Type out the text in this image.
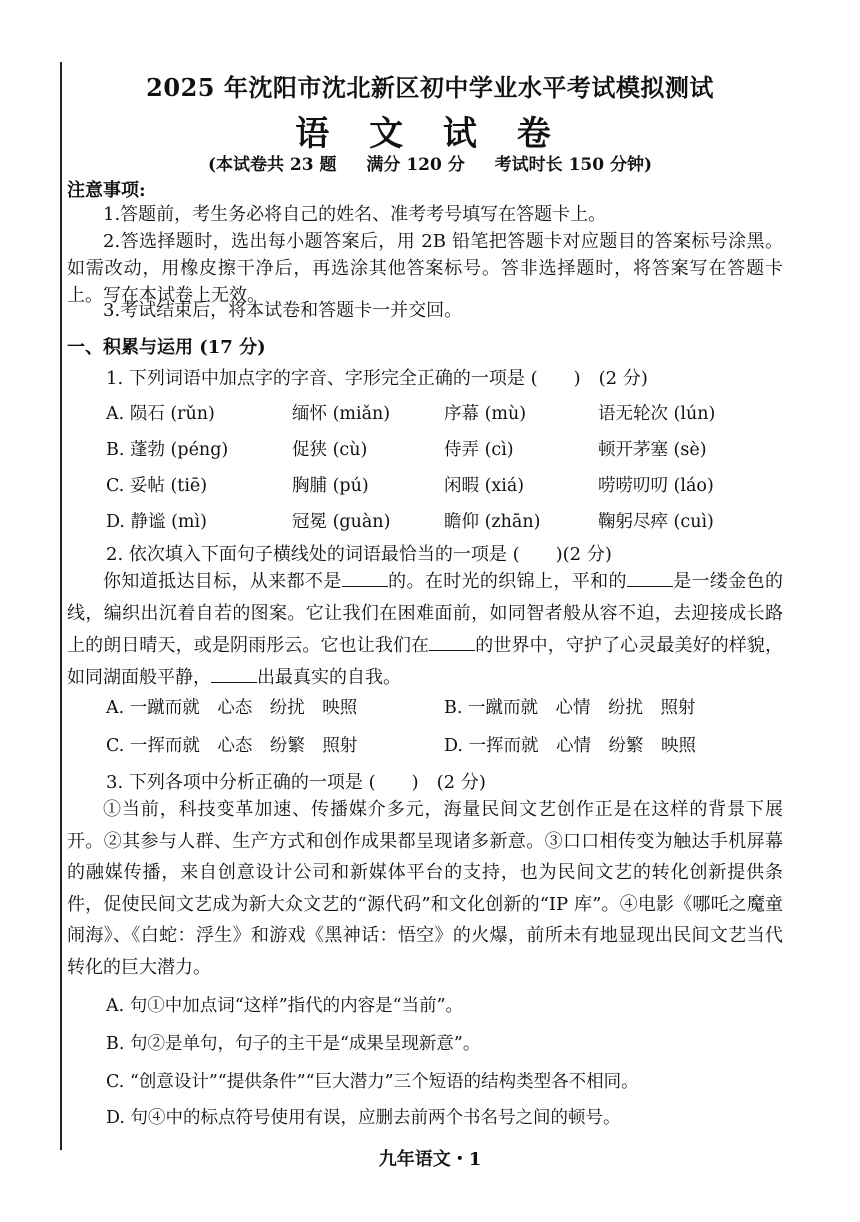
2025 年沈阳市沈北新区初中学业水平考试模拟测试
语 文 试 卷
(本试卷共 23 题 满分 120 分 考试时长 150 分钟)
注意事项:
1.答题前，考生务必将自己的姓名、准考考号填写在答题卡上。
2.答选择题时，选出每小题答案后，用 2B 铅笔把答题卡对应题目的答案标号涂黑。如需改动，用橡皮擦干净后，再选涂其他答案标号。答非选择题时，将答案写在答题卡上。写在本试卷上无效。
3.考试结束后，将本试卷和答题卡一并交回。
一、积累与运用 (17 分)
1. 下列词语中加点字的字音、字形完全正确的一项是 (　　)　(2 分)
A. 陨石 (rǔn)	缅怀 (miǎn)	序幕 (mù)	语无轮次 (lún)
B. 蓬勃 (péng)	促狭 (cù)	侍弄 (cì)	顿开茅塞 (sè)
C. 妥帖 (tiē)	胸脯 (pú)	闲暇 (xiá)	唠唠叨叨 (láo)
D. 静谧 (mì)	冠冕 (guàn)	瞻仰 (zhān)	鞠躬尽瘁 (cuì)
2. 依次填入下面句子横线处的词语最恰当的一项是 (　　)(2 分)
你知道抵达目标，从来都不是	的。在时光的织锦上，平和的	是一缕金色的线，编织出沉着自若的图案。它让我们在困难面前，如同智者般从容不迫，去迎接成长路上的朗日晴天，或是阴雨彤云。它也让我们在	的世界中，守护了心灵最美好的样貌，如同湖面般平静，	出最真实的自我。
A. 一蹴而就　心态　纷扰　映照	B. 一蹴而就　心情　纷扰　照射
C. 一挥而就　心态　纷繁　照射	D. 一挥而就　心情　纷繁　映照
3. 下列各项中分析正确的一项是 (　　)　(2 分)
①当前，科技变革加速、传播媒介多元，海量民间文艺创作正是在这样的背景下展开。②其参与人群、生产方式和创作成果都呈现诸多新意。③口口相传变为触达手机屏幕的融媒传播，来自创意设计公司和新媒体平台的支持，也为民间文艺的转化创新提供条件，促使民间文艺成为新大众文艺的“源代码”和文化创新的“IP 库”。④电影《哪吒之魔童闹海》、《白蛇：浮生》和游戏《黑神话：悟空》的火爆，前所未有地显现出民间文艺当代转化的巨大潜力。
A. 句①中加点词“这样”指代的内容是“当前”。
B. 句②是单句，句子的主干是“成果呈现新意”。
C. “创意设计”“提供条件”“巨大潜力”三个短语的结构类型各不相同。
D. 句④中的标点符号使用有误，应删去前两个书名号之间的顿号。
九年语文・1
